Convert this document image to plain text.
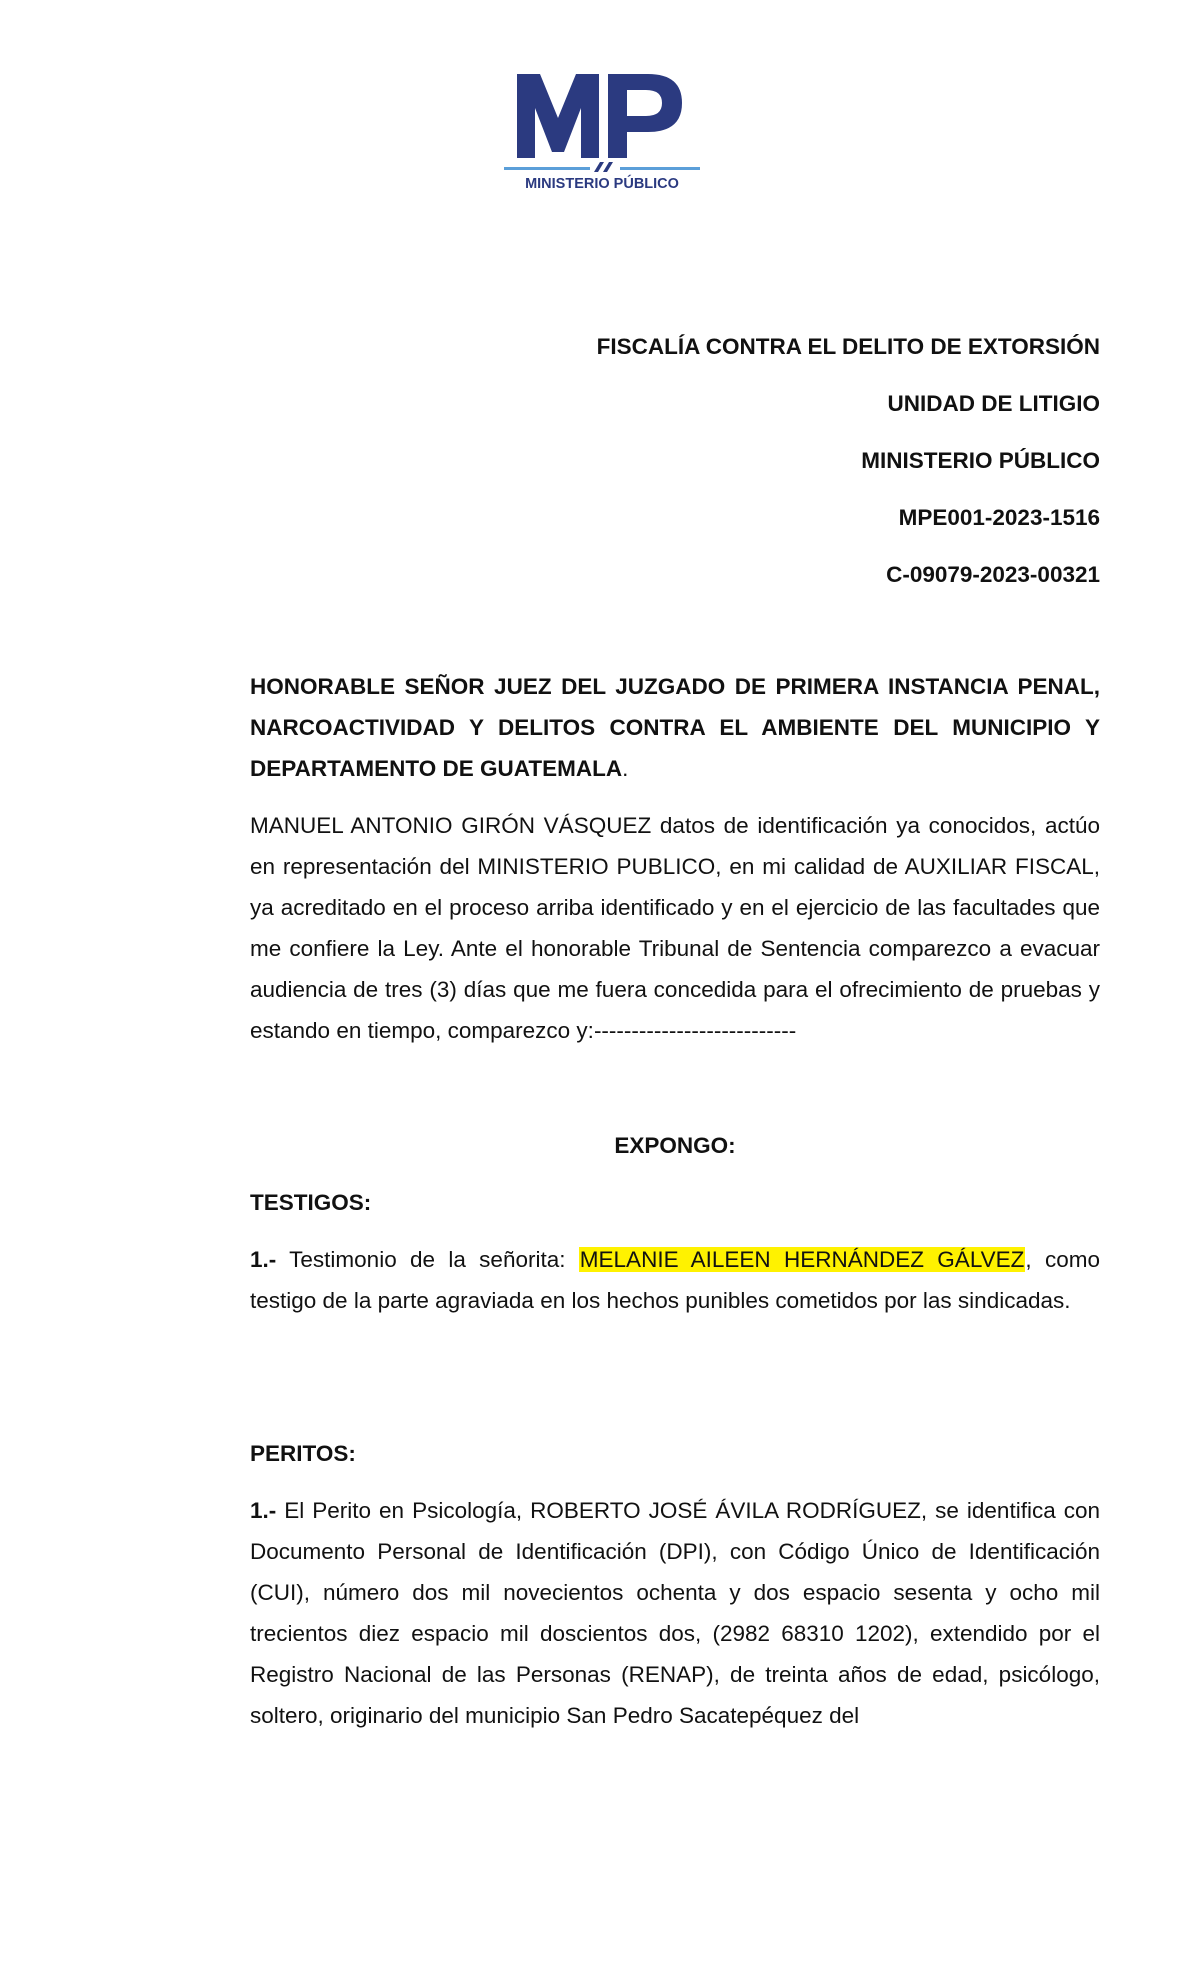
MINISTERIO PÚBLICO
FISCALÍA CONTRA EL DELITO DE EXTORSIÓN
UNIDAD DE LITIGIO
MINISTERIO PÚBLICO
MPE001-2023-1516
C-09079-2023-00321

HONORABLE SEÑOR JUEZ DEL JUZGADO DE PRIMERA INSTANCIA PENAL, NARCOACTIVIDAD Y DELITOS CONTRA EL AMBIENTE DEL MUNICIPIO Y DEPARTAMENTO DE GUATEMALA.

MANUEL ANTONIO GIRÓN VÁSQUEZ datos de identificación ya conocidos, actúo en representación del MINISTERIO PUBLICO, en mi calidad de AUXILIAR FISCAL, ya acreditado en el proceso arriba identificado y en el ejercicio de las facultades que me confiere la Ley. Ante el honorable Tribunal de Sentencia comparezco a evacuar audiencia de tres (3) días que me fuera concedida para el ofrecimiento de pruebas y estando en tiempo, comparezco y:---------------------------

EXPONGO:

TESTIGOS:

1.- Testimonio de la señorita: MELANIE AILEEN HERNÁNDEZ GÁLVEZ, como testigo de la parte agraviada en los hechos punibles cometidos por las sindicadas.

PERITOS:

1.- El Perito en Psicología, ROBERTO JOSÉ ÁVILA RODRÍGUEZ, se identifica con Documento Personal de Identificación (DPI), con Código Único de Identificación (CUI), número dos mil novecientos ochenta y dos espacio sesenta y ocho mil trecientos diez espacio mil doscientos dos, (2982 68310 1202), extendido por el Registro Nacional de las Personas (RENAP), de treinta años de edad, psicólogo, soltero, originario del municipio San Pedro Sacatepéquez del
